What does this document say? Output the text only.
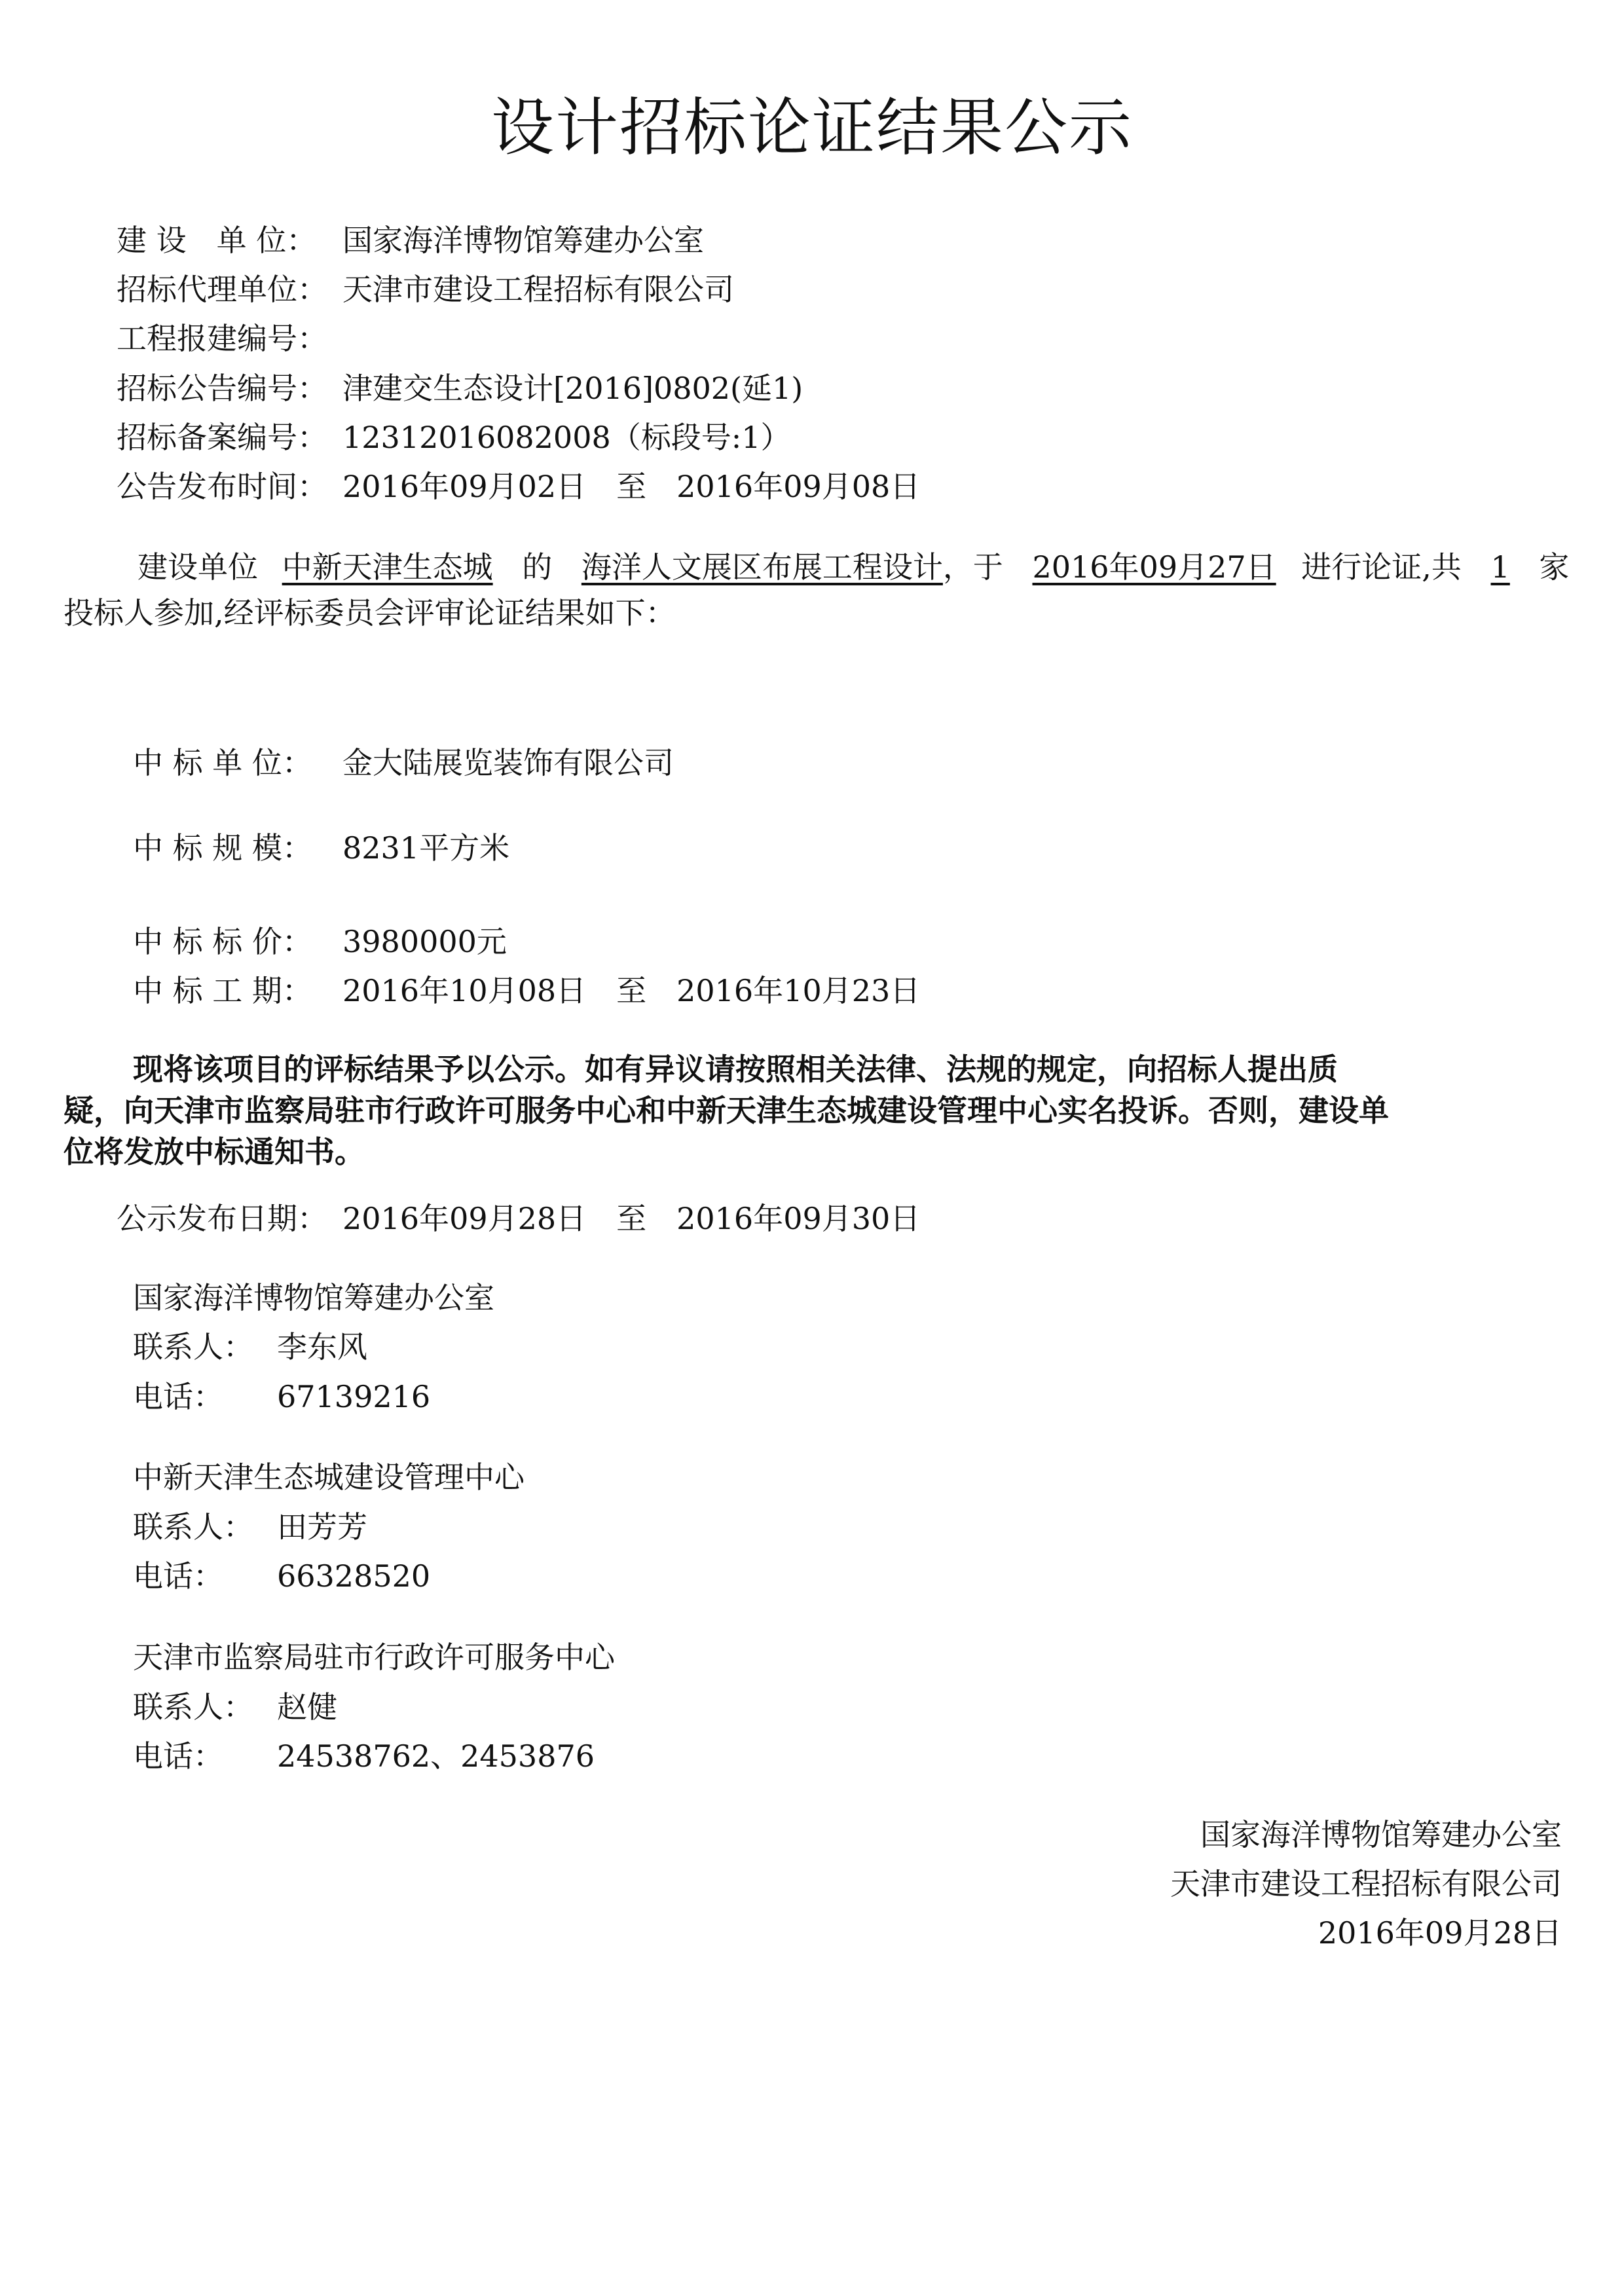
设计招标论证结果公示
建 设　单 位： 国家海洋博物馆筹建办公室
招标代理单位： 天津市建设工程招标有限公司
工程报建编号：
招标公告编号： 津建交生态设计[2016]0802(延1)
招标备案编号： 12312016082008（标段号:1）
公告发布时间： 2016年09月02日　至　2016年09月08日
建设单位 中新天津生态城 的 海洋人文展区布展工程设计，于 2016年09月27日 进行论证,共 1 家
投标人参加,经评标委员会评审论证结果如下：
中 标 单 位：	金大陆展览装饰有限公司
中 标 规 模：	8231平方米
中 标 标 价：	3980000元
中 标 工 期：	2016年10月08日　至　2016年10月23日
现将该项目的评标结果予以公示。如有异议请按照相关法律、法规的规定，向招标人提出质
疑，向天津市监察局驻市行政许可服务中心和中新天津生态城建设管理中心实名投诉。否则，建设单
位将发放中标通知书。
公示发布日期： 2016年09月28日　至　2016年09月30日
国家海洋博物馆筹建办公室
联系人： 李东风
电话：	67139216
中新天津生态城建设管理中心
联系人： 田芳芳
电话：	66328520
天津市监察局驻市行政许可服务中心
联系人： 赵健
电话：	24538762、2453876
国家海洋博物馆筹建办公室
天津市建设工程招标有限公司
2016年09月28日
